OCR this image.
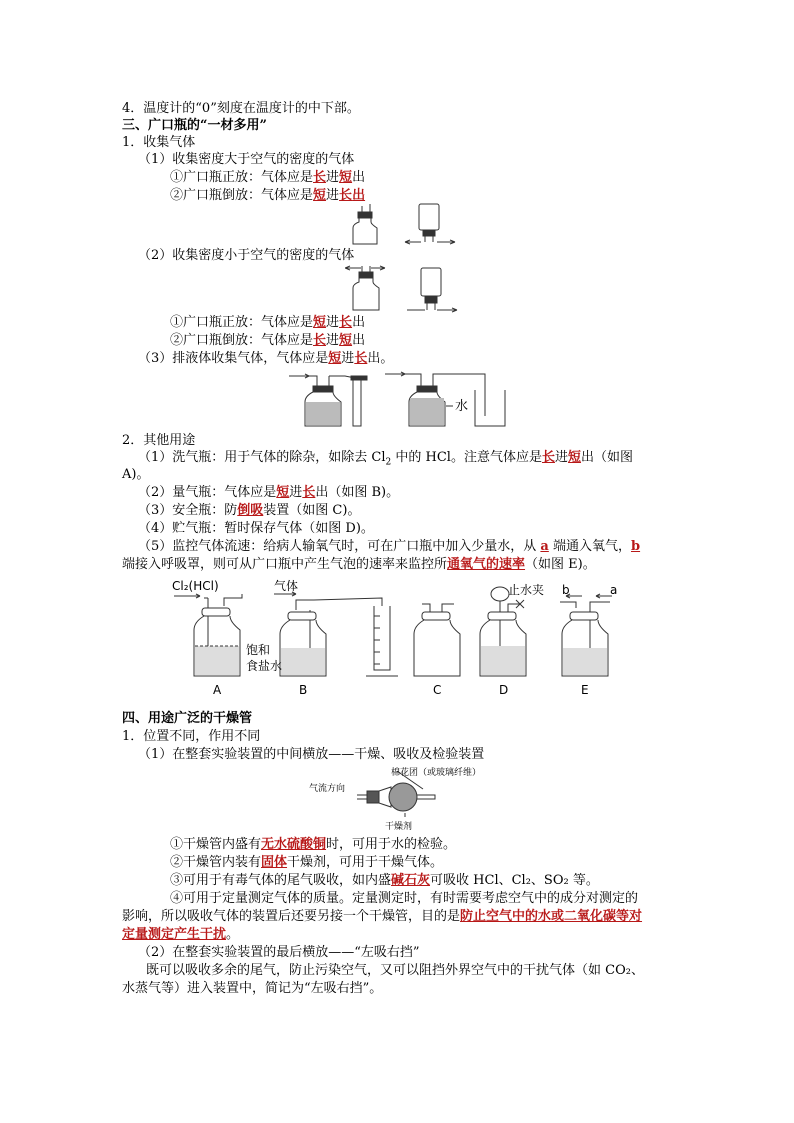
4．温度计的“0”刻度在温度计的中下部。
三、广口瓶的“一材多用”
1．收集气体
（1）收集密度大于空气的密度的气体
①广口瓶正放：气体应是长进短出
②广口瓶倒放：气体应是短进长出
（2）收集密度小于空气的密度的气体
①广口瓶正放：气体应是短进长出
②广口瓶倒放：气体应是长进短出
（3）排液体收集气体，气体应是短进长出。
水
2．其他用途
（1）洗气瓶：用于气体的除杂，如除去 $Cl_2$ 中的 HCl。注意气体应是长进短出（如图
A)。
（2）量气瓶：气体应是短进长出（如图 B)。
（3）安全瓶：防倒吸装置（如图 C)。
（4）贮气瓶：暂时保存气体（如图 D)。
（5）监控气体流速：给病人输氧气时，可在广口瓶中加入少量水，从 a 端通入氧气，b
端接入呼吸罩，则可从广口瓶中产生气泡的速率来监控所通氧气的速率（如图 E)。
Cl₂(HCl)	气体
饱和
食盐水
止水夹 b	a
A	B	C	D	E
四、用途广泛的干燥管
1．位置不同，作用不同
（1）在整套实验装置的中间横放——干燥、吸收及检验装置
气流方向
棉花团（或玻璃纤维）
干燥剂
①干燥管内盛有无水硫酸铜时，可用于水的检验。
②干燥管内装有固体干燥剂，可用于干燥气体。
③可用于有毒气体的尾气吸收，如内盛碱石灰可吸收 HCl、Cl₂、SO₂ 等。
④可用于定量测定气体的质量。定量测定时，有时需要考虑空气中的成分对测定的
影响，所以吸收气体的装置后还要另接一个干燥管，目的是防止空气中的水或二氧化碳等对
定量测定产生干扰。
（2）在整套实验装置的最后横放——“左吸右挡”
既可以吸收多余的尾气，防止污染空气，又可以阻挡外界空气中的干扰气体（如 CO₂、
水蒸气等）进入装置中，简记为“左吸右挡”。
